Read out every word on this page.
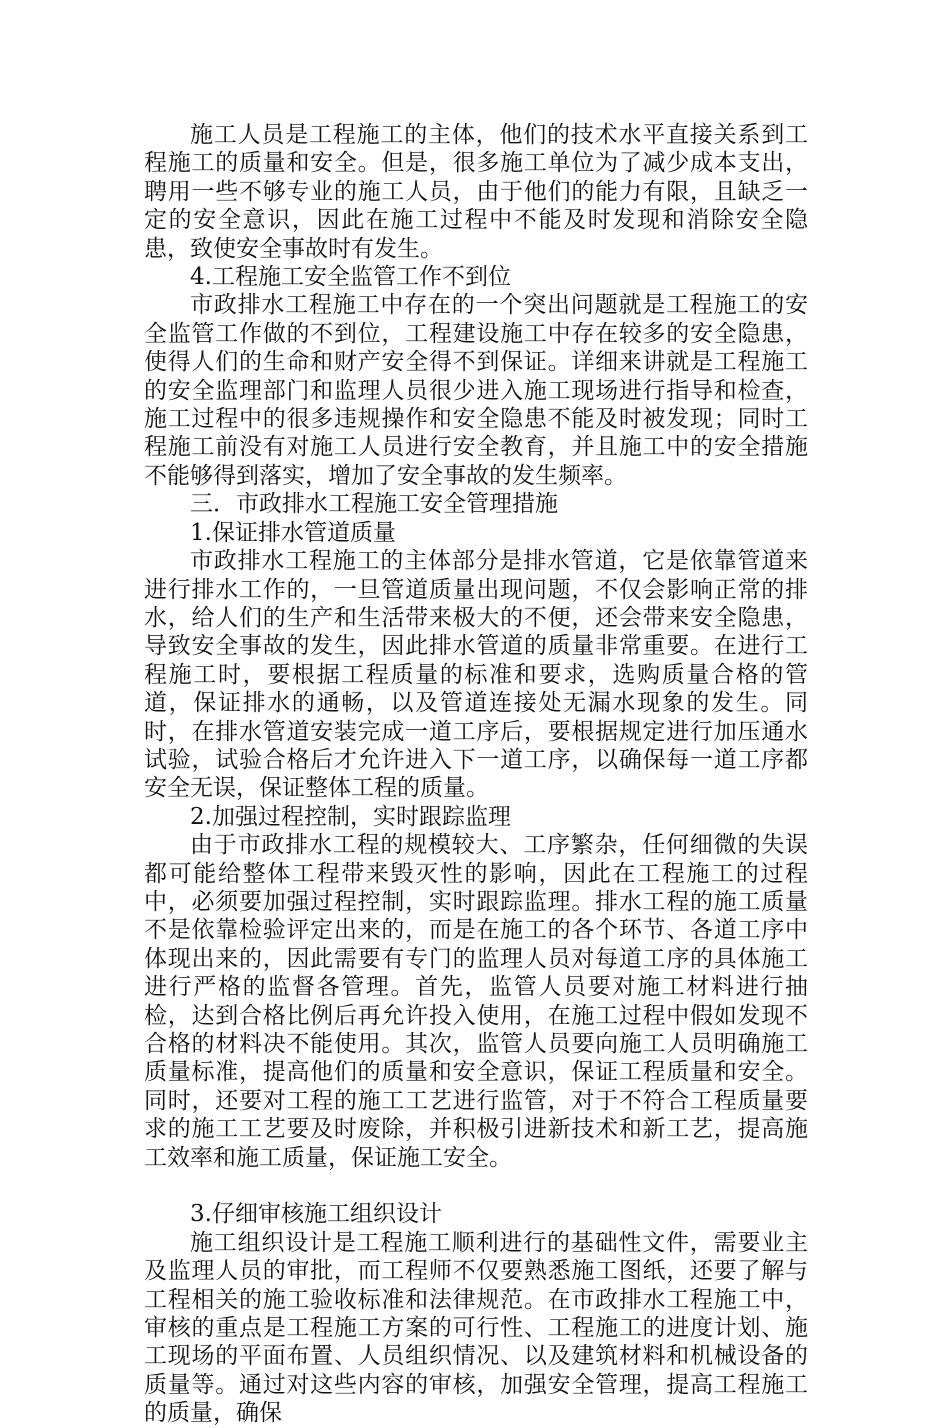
施工人员是工程施工的主体，他们的技术水平直接关系到工程施工的质量和安全。但是，很多施工单位为了减少成本支出，聘用一些不够专业的施工人员，由于他们的能力有限，且缺乏一定的安全意识，因此在施工过程中不能及时发现和消除安全隐患，致使安全事故时有发生。

4.工程施工安全监管工作不到位

市政排水工程施工中存在的一个突出问题就是工程施工的安全监管工作做的不到位，工程建设施工中存在较多的安全隐患，使得人们的生命和财产安全得不到保证。详细来讲就是工程施工的安全监理部门和监理人员很少进入施工现场进行指导和检查，施工过程中的很多违规操作和安全隐患不能及时被发现；同时工程施工前没有对施工人员进行安全教育，并且施工中的安全措施不能够得到落实，增加了安全事故的发生频率。

三．市政排水工程施工安全管理措施

1.保证排水管道质量

市政排水工程施工的主体部分是排水管道，它是依靠管道来进行排水工作的，一旦管道质量出现问题，不仅会影响正常的排水，给人们的生产和生活带来极大的不便，还会带来安全隐患，导致安全事故的发生，因此排水管道的质量非常重要。在进行工程施工时，要根据工程质量的标准和要求，选购质量合格的管道，保证排水的通畅，以及管道连接处无漏水现象的发生。同时，在排水管道安装完成一道工序后，要根据规定进行加压通水试验，试验合格后才允许进入下一道工序，以确保每一道工序都安全无误，保证整体工程的质量。

2.加强过程控制，实时跟踪监理

由于市政排水工程的规模较大、工序繁杂，任何细微的失误都可能给整体工程带来毁灭性的影响，因此在工程施工的过程中，必须要加强过程控制，实时跟踪监理。排水工程的施工质量不是依靠检验评定出来的，而是在施工的各个环节、各道工序中体现出来的，因此需要有专门的监理人员对每道工序的具体施工进行严格的监督各管理。首先，监管人员要对施工材料进行抽检，达到合格比例后再允许投入使用，在施工过程中假如发现不合格的材料决不能使用。其次，监管人员要向施工人员明确施工质量标准，提高他们的质量和安全意识，保证工程质量和安全。同时，还要对工程的施工工艺进行监管，对于不符合工程质量要求的施工工艺要及时废除，并积极引进新技术和新工艺，提高施工效率和施工质量，保证施工安全。

3.仔细审核施工组织设计

施工组织设计是工程施工顺利进行的基础性文件，需要业主及监理人员的审批，而工程师不仅要熟悉施工图纸，还要了解与工程相关的施工验收标准和法律规范。在市政排水工程施工中，审核的重点是工程施工方案的可行性、工程施工的进度计划、施工现场的平面布置、人员组织情况、以及建筑材料和机械设备的质量等。通过对这些内容的审核，加强安全管理，提高工程施工的质量，确保
